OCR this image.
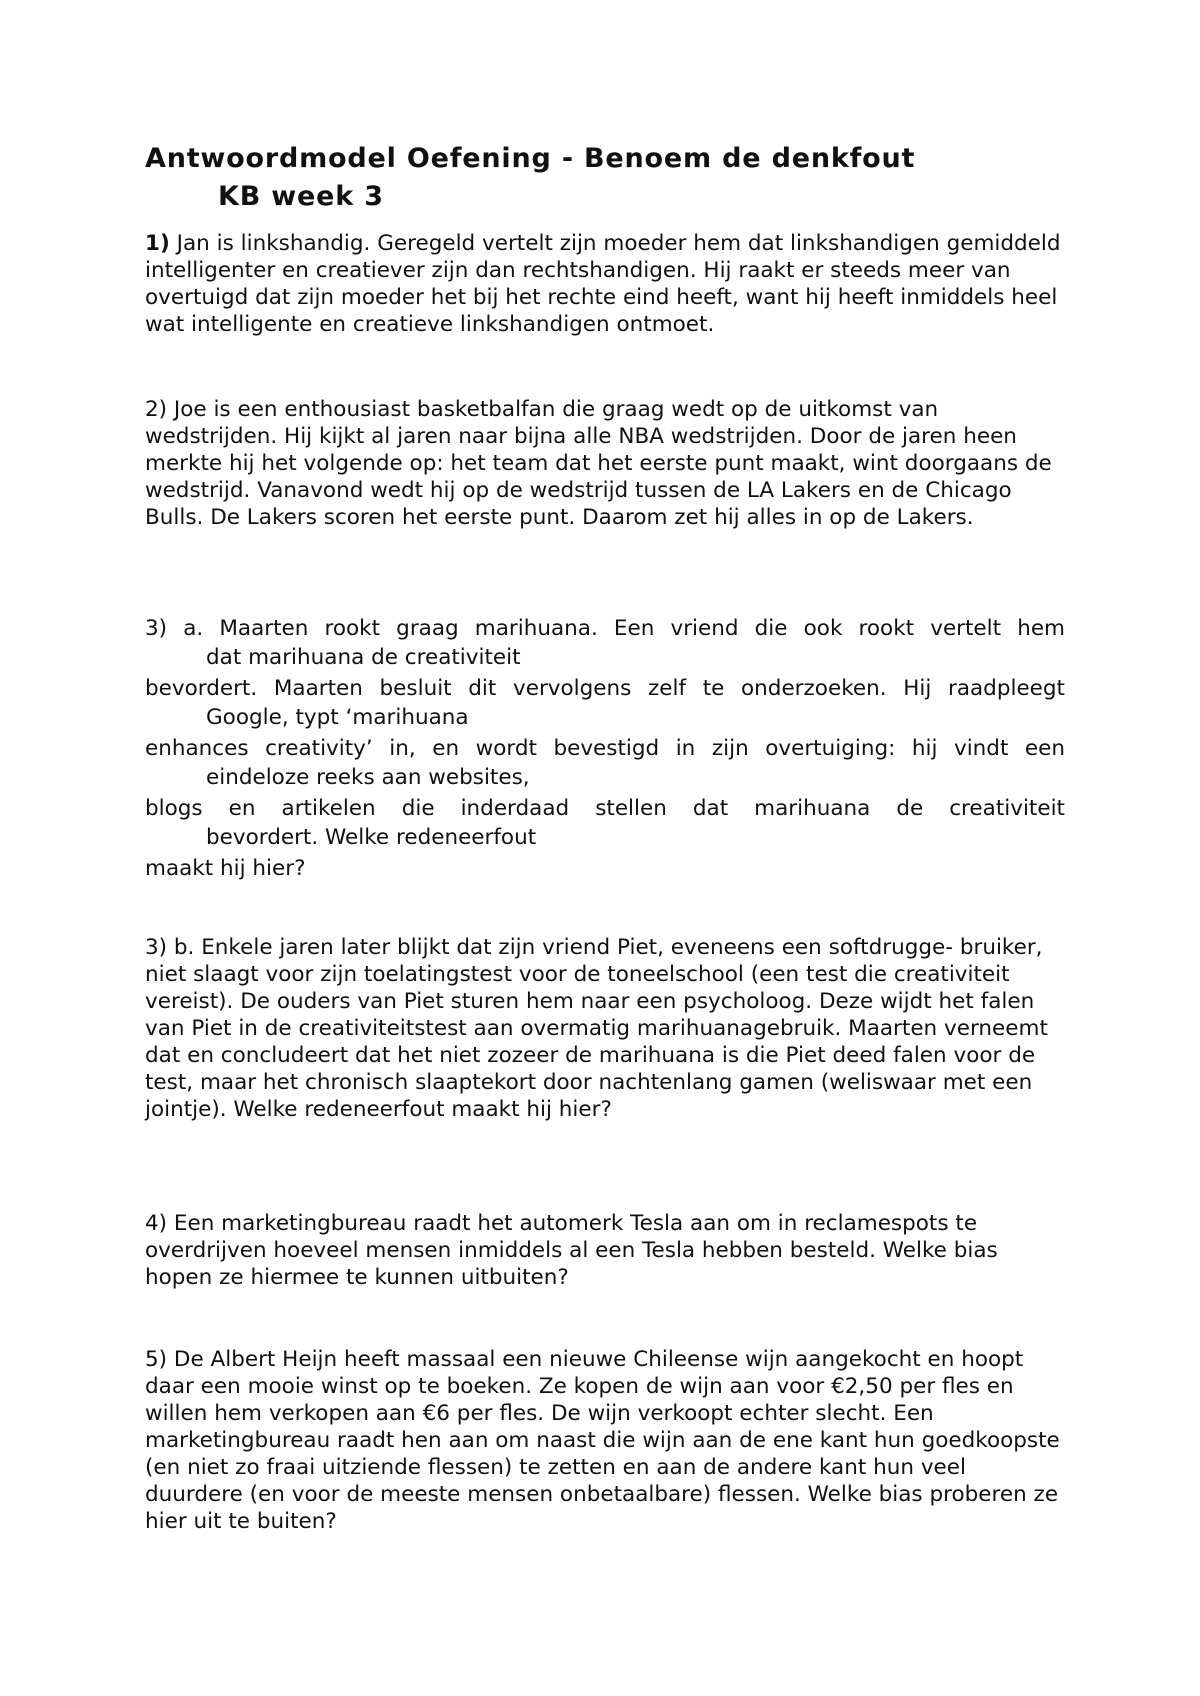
Antwoordmodel Oefening - Benoem de denkfout
KB week 3

1) Jan is linkshandig. Geregeld vertelt zijn moeder hem dat linkshandigen gemiddeld intelligenter en creatiever zijn dan rechtshandigen. Hij raakt er steeds meer van overtuigd dat zijn moeder het bij het rechte eind heeft, want hij heeft inmiddels heel wat intelligente en creatieve linkshandigen ontmoet.

2) Joe is een enthousiast basketbalfan die graag wedt op de uitkomst van wedstrijden. Hij kijkt al jaren naar bijna alle NBA wedstrijden. Door de jaren heen merkte hij het volgende op: het team dat het eerste punt maakt, wint doorgaans de wedstrijd. Vanavond wedt hij op de wedstrijd tussen de LA Lakers en de Chicago Bulls. De Lakers scoren het eerste punt. Daarom zet hij alles in op de Lakers.

3) a. Maarten rookt graag marihuana. Een vriend die ook rookt vertelt hem
dat marihuana de creativiteit
bevordert. Maarten besluit dit vervolgens zelf te onderzoeken. Hij raadpleegt
Google, typt ‘marihuana
enhances creativity’ in, en wordt bevestigd in zijn overtuiging: hij vindt een
eindeloze reeks aan websites,
blogs en artikelen die inderdaad stellen dat marihuana de creativiteit
bevordert. Welke redeneerfout
maakt hij hier?

3) b. Enkele jaren later blijkt dat zijn vriend Piet, eveneens een softdrugge- bruiker, niet slaagt voor zijn toelatingstest voor de toneelschool (een test die creativiteit vereist). De ouders van Piet sturen hem naar een psycholoog. Deze wijdt het falen van Piet in de creativiteitstest aan overmatig marihuanagebruik. Maarten verneemt dat en concludeert dat het niet zozeer de marihuana is die Piet deed falen voor de test, maar het chronisch slaaptekort door nachtenlang gamen (weliswaar met een jointje). Welke redeneerfout maakt hij hier?

4) Een marketingbureau raadt het automerk Tesla aan om in reclamespots te overdrijven hoeveel mensen inmiddels al een Tesla hebben besteld. Welke bias hopen ze hiermee te kunnen uitbuiten?

5) De Albert Heijn heeft massaal een nieuwe Chileense wijn aangekocht en hoopt daar een mooie winst op te boeken. Ze kopen de wijn aan voor €2,50 per fles en willen hem verkopen aan €6 per fles. De wijn verkoopt echter slecht. Een marketingbureau raadt hen aan om naast die wijn aan de ene kant hun goedkoopste (en niet zo fraai uitziende flessen) te zetten en aan de andere kant hun veel duurdere (en voor de meeste mensen onbetaalbare) flessen. Welke bias proberen ze hier uit te buiten?
